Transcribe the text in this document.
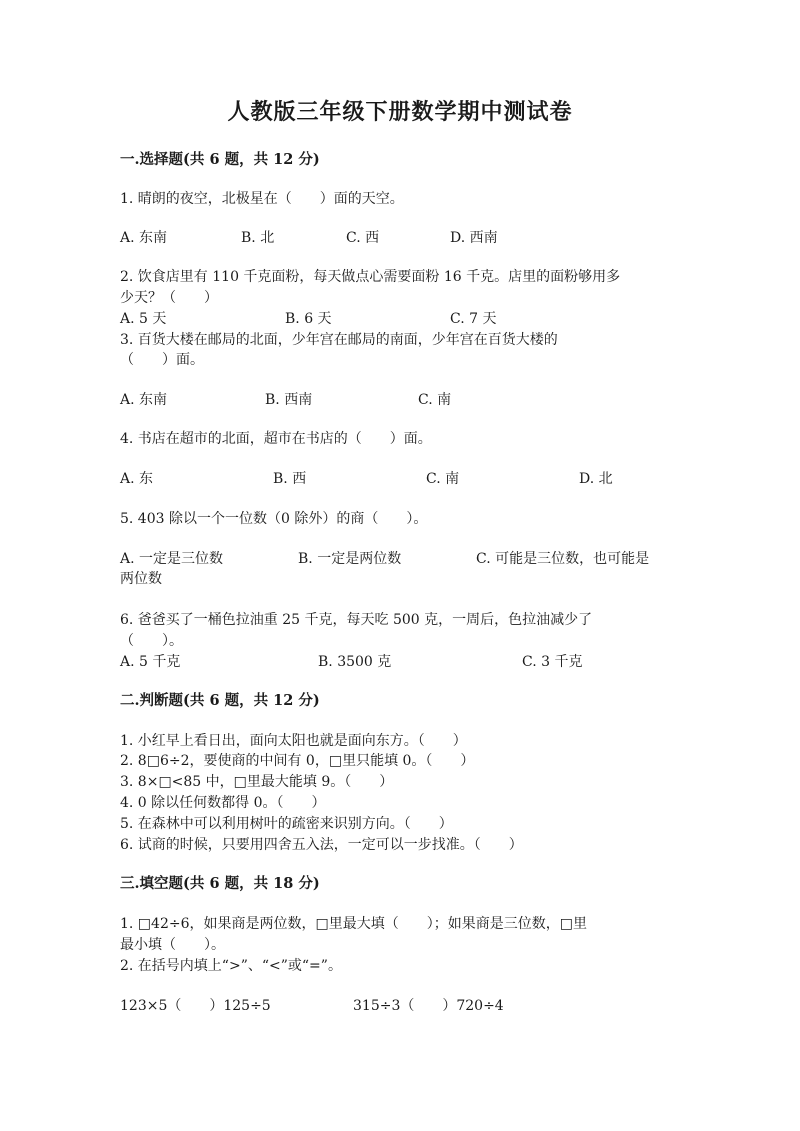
人教版三年级下册数学期中测试卷
一.选择题(共 6 题，共 12 分)
1. 晴朗的夜空，北极星在（　　）面的天空。
A. 东南	B. 北	C. 西	D. 西南
2. 饮食店里有 110 千克面粉，每天做点心需要面粉 16 千克。店里的面粉够用多
少天？（　　）
A. 5 天	B. 6 天	C. 7 天
3. 百货大楼在邮局的北面，少年宫在邮局的南面，少年宫在百货大楼的
（　　）面。
A. 东南	B. 西南	C. 南
4. 书店在超市的北面，超市在书店的（　　）面。
A. 东	B. 西	C. 南	D. 北
5. 403 除以一个一位数（0 除外）的商（　　）。
A. 一定是三位数	B. 一定是两位数	C. 可能是三位数，也可能是
两位数
6. 爸爸买了一桶色拉油重 25 千克，每天吃 500 克，一周后，色拉油减少了
（　　）。
A. 5 千克	B. 3500 克	C. 3 千克
二.判断题(共 6 题，共 12 分)
1. 小红早上看日出，面向太阳也就是面向东方。（　　）
2. 8□6÷2，要使商的中间有 0，□里只能填 0。（　　）
3. 8×□<85 中，□里最大能填 9。（　　）
4. 0 除以任何数都得 0。（　　）
5. 在森林中可以利用树叶的疏密来识别方向。（　　）
6. 试商的时候，只要用四舍五入法，一定可以一步找准。（　　）
三.填空题(共 6 题，共 18 分)
1. □42÷6，如果商是两位数，□里最大填（　　）；如果商是三位数，□里
最小填（　　）。
2. 在括号内填上“>”、“<”或“=”。
123×5（　　）125÷5	315÷3（　　）720÷4
